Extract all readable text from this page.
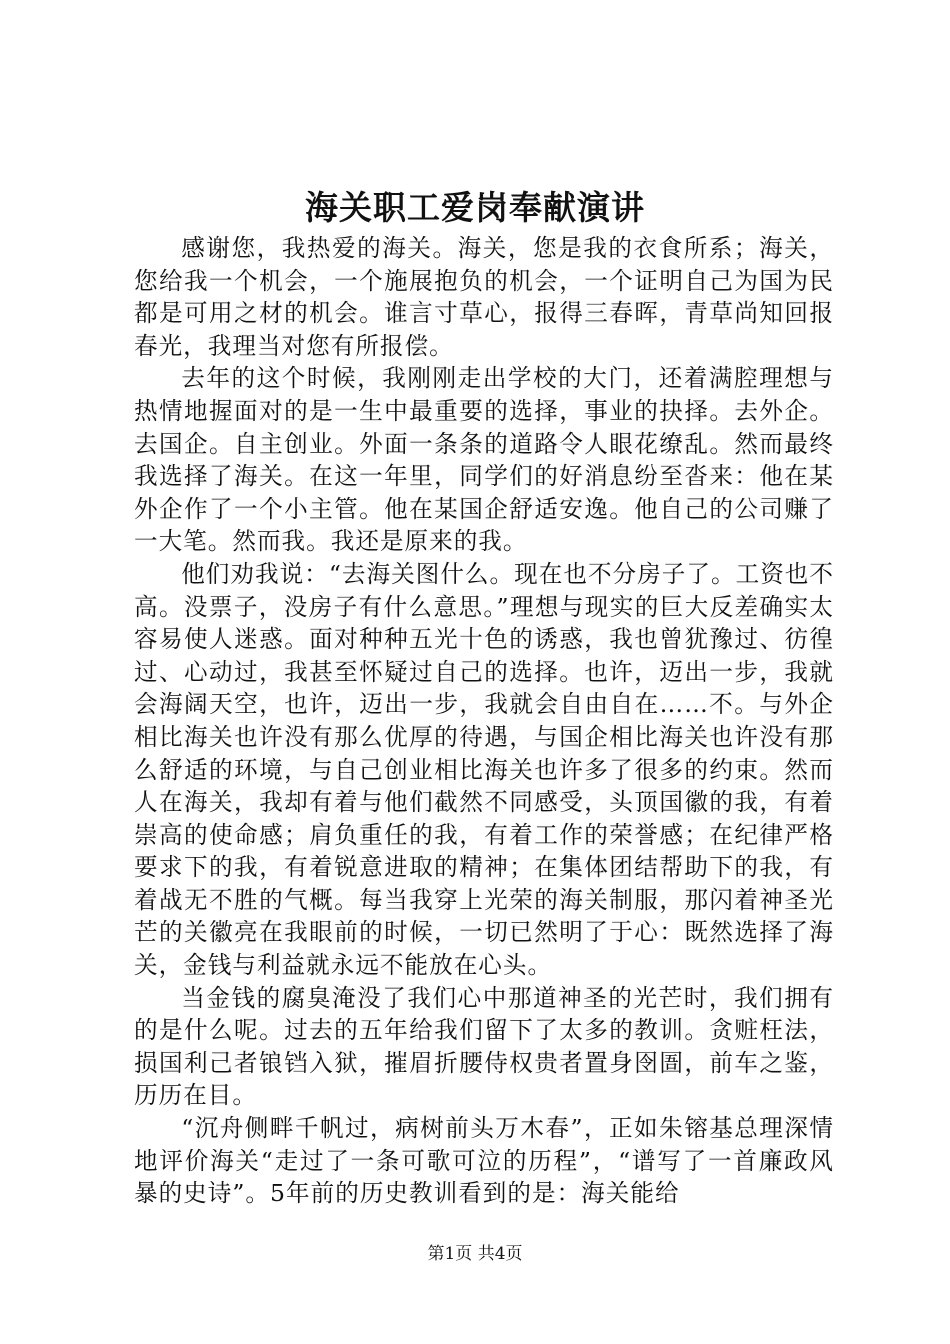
海关职工爱岗奉献演讲

感谢您，我热爱的海关。海关，您是我的衣食所系；海关，您给我一个机会，一个施展抱负的机会，一个证明自己为国为民都是可用之材的机会。谁言寸草心，报得三春晖，青草尚知回报春光，我理当对您有所报偿。

去年的这个时候，我刚刚走出学校的大门，还着满腔理想与热情地握面对的是一生中最重要的选择，事业的抉择。去外企。去国企。自主创业。外面一条条的道路令人眼花缭乱。然而最终我选择了海关。在这一年里，同学们的好消息纷至沓来：他在某外企作了一个小主管。他在某国企舒适安逸。他自己的公司赚了一大笔。然而我。我还是原来的我。

他们劝我说：“去海关图什么。现在也不分房子了。工资也不高。没票子，没房子有什么意思。”理想与现实的巨大反差确实太容易使人迷惑。面对种种五光十色的诱惑，我也曾犹豫过、彷徨过、心动过，我甚至怀疑过自己的选择。也许，迈出一步，我就会海阔天空，也许，迈出一步，我就会自由自在……不。与外企相比海关也许没有那么优厚的待遇，与国企相比海关也许没有那么舒适的环境，与自己创业相比海关也许多了很多的约束。然而人在海关，我却有着与他们截然不同感受，头顶国徽的我，有着崇高的使命感；肩负重任的我，有着工作的荣誉感；在纪律严格要求下的我，有着锐意进取的精神；在集体团结帮助下的我，有着战无不胜的气概。每当我穿上光荣的海关制服，那闪着神圣光芒的关徽亮在我眼前的时候，一切已然明了于心：既然选择了海关，金钱与利益就永远不能放在心头。

当金钱的腐臭淹没了我们心中那道神圣的光芒时，我们拥有的是什么呢。过去的五年给我们留下了太多的教训。贪赃枉法，损国利己者锒铛入狱，摧眉折腰侍权贵者置身囹圄，前车之鉴，历历在目。

“沉舟侧畔千帆过，病树前头万木春”，正如朱镕基总理深情地评价海关“走过了一条可歌可泣的历程”，“谱写了一首廉政风暴的史诗”。5年前的历史教训看到的是：海关能给

第1页 共4页
